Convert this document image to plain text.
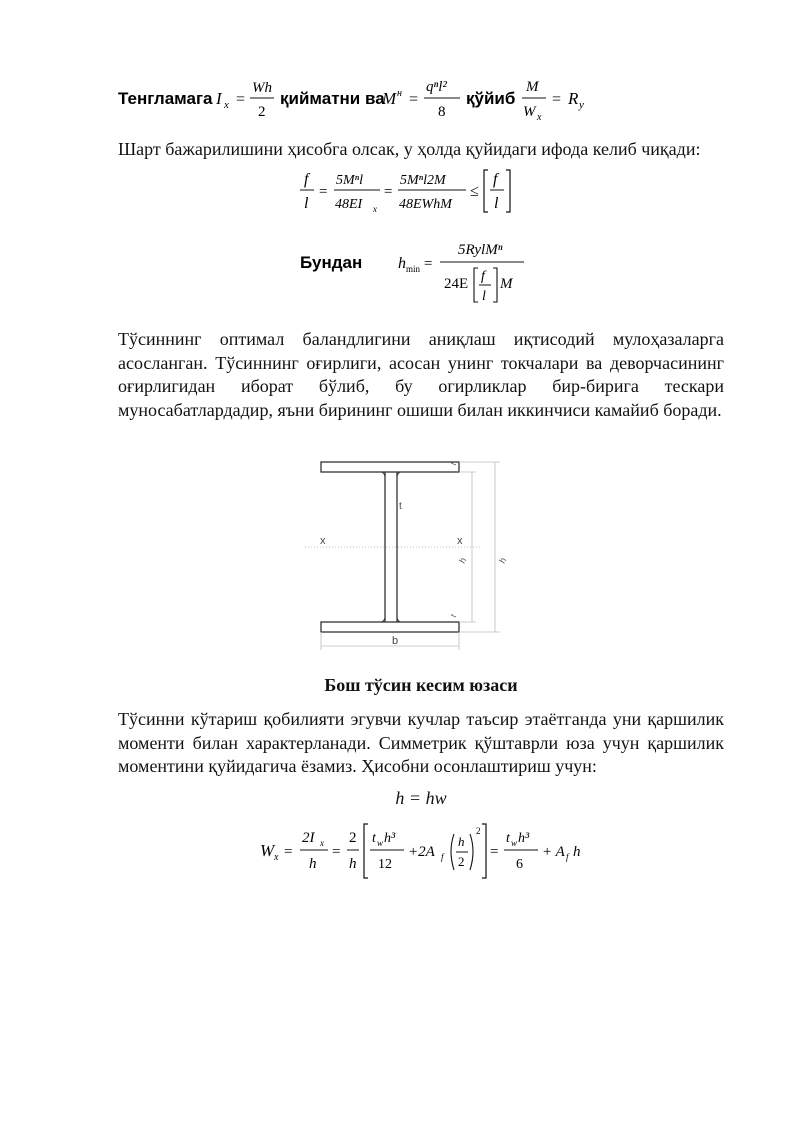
Тенгламага I x =
Wh
2
қийматни ва
M н =
qⁿl²
8
қўйиб
M
W x
= R y
Шарт бажарилишини ҳисобга олсак, у ҳолда қуйидаги ифода келиб чиқади:
f
l
=
5Mⁿl
48EI x
=
5Mⁿl2M
48EWhM
≤
f
l
Бундан h min =
5RylMⁿ
24E f
l
M
Тўсиннинг оптимал баландлигини аниқлаш иқтисодий мулоҳазаларга асосланган. Тўсиннинг оғирлиги, асосан унинг токчалари ва деворчасининг оғирлигидан иборат бўлиб, бу огирликлар бир-бирига тескари муносабатлардадир, яъни бирининг ошиши билан иккинчиси камайиб боради.
x	x
t
h	h
t
t
b
Бош тўсин кесим юзаси
Тўсинни кўтариш қобилияти эгувчи кучлар таъсир этаётганда уни қаршилик моменти билан характерланади. Симметрик қўштаврли юза учун қаршилик моментини қуйидагича ёзамиз. Ҳисобни осонлаштириш учун:
h = hw
W x =
2I x
h
=
2
h
t w h³
12
+2A f
h
2
2
=
t w h³
6
+ A f h
